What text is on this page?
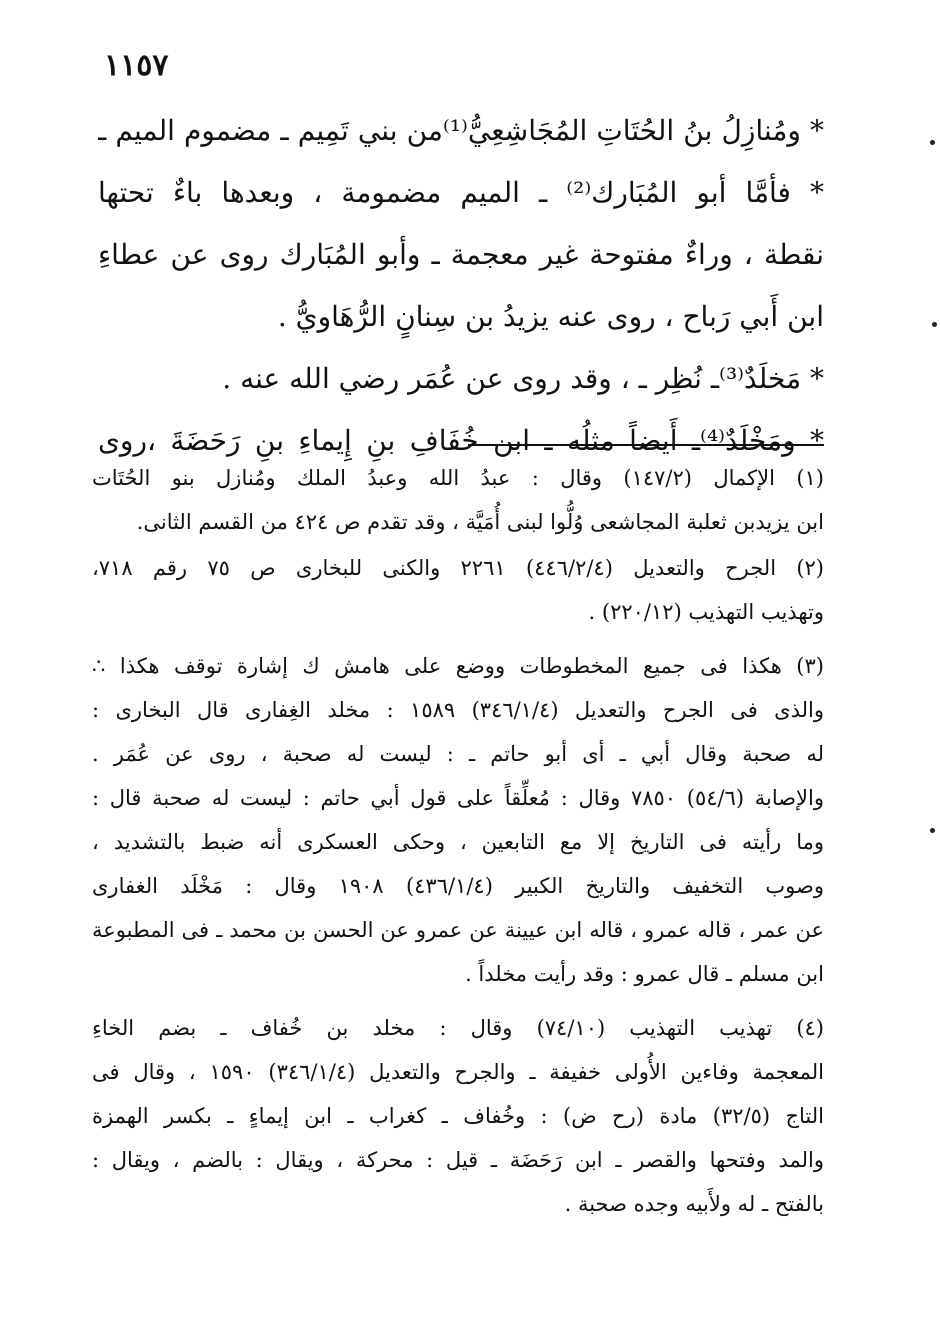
١١٥٧
* ومُنازِلُ بنُ الحُتَاتِ المُجَاشِعِيُّ⁽¹⁾من بني تَمِيم ـ مضموم الميم ـ
* فأمَّا أبو المُبَارك⁽²⁾ ـ الميم مضمومة ، وبعدها باءٌ تحتها
نقطة ، وراءٌ مفتوحة غير معجمة ـ وأبو المُبَارك روى عن عطاءِ
ابن أَبي رَباح ، روى عنه يزيدُ بن سِنانٍ الرُّهَاويُّ .
* مَخلَدٌ⁽³⁾ـ نُظِر ـ ، وقد روى عن عُمَر رضي الله عنه .
* ومَخْلَدٌ⁽⁴⁾ـ أَيضاً مثلُه ـ ابن خُفَافِ بنِ إِيماءِ بنِ رَحَضَةَ ،روى
(١) الإكمال (١٤٧/٢) وقال : عبدُ الله وعبدُ الملك ومُنازل بنو الحُتَات
ابن يزيدبن ثعلبة المجاشعى وُلُّوا لبنى أُمَيَّة ، وقد تقدم ص ٤٢٤ من القسم الثانى.
(٢) الجرح والتعديل (٤٤٦/٢/٤) ٢٢٦١ والكنى للبخارى ص ٧٥ رقم ٧١٨،
وتهذيب التهذيب (٢٢٠/١٢) .
(٣) هكذا فى جميع المخطوطات ووضع على هامش ك إشارة توقف هكذا ∴
والذى فى الجرح والتعديل (٣٤٦/١/٤) ١٥٨٩ : مخلد الغِفارى قال البخارى :
له صحبة وقال أبي ـ أى أبو حاتم ـ : ليست له صحبة ، روى عن عُمَر .
والإصابة (٥٤/٦) ٧٨٥٠ وقال : مُعلِّقاً على قول أبي حاتم : ليست له صحبة قال :
وما رأيته فى التاريخ إلا مع التابعين ، وحكى العسكرى أنه ضبط بالتشديد ،
وصوب التخفيف والتاريخ الكبير (٤٣٦/١/٤) ١٩٠٨ وقال : مَخْلَد الغفارى
عن عمر ، قاله عمرو ، قاله ابن عيينة عن عمرو عن الحسن بن محمد ـ فى المطبوعة
ابن مسلم ـ قال عمرو : وقد رأيت مخلداً .
(٤) تهذيب التهذيب (٧٤/١٠) وقال : مخلد بن خُفاف ـ بضم الخاءِ
المعجمة وفاءين الأُولى خفيفة ـ والجرح والتعديل (٣٤٦/١/٤) ١٥٩٠ ، وقال فى
التاج (٣٢/٥) مادة (رح ض) : وخُفاف ـ كغراب ـ ابن إيماءٍ ـ بكسر الهمزة
والمد وفتحها والقصر ـ ابن رَحَضَة ـ قيل : محركة ، ويقال : بالضم ، ويقال :
بالفتح ـ له ولأَبيه وجده صحبة .
